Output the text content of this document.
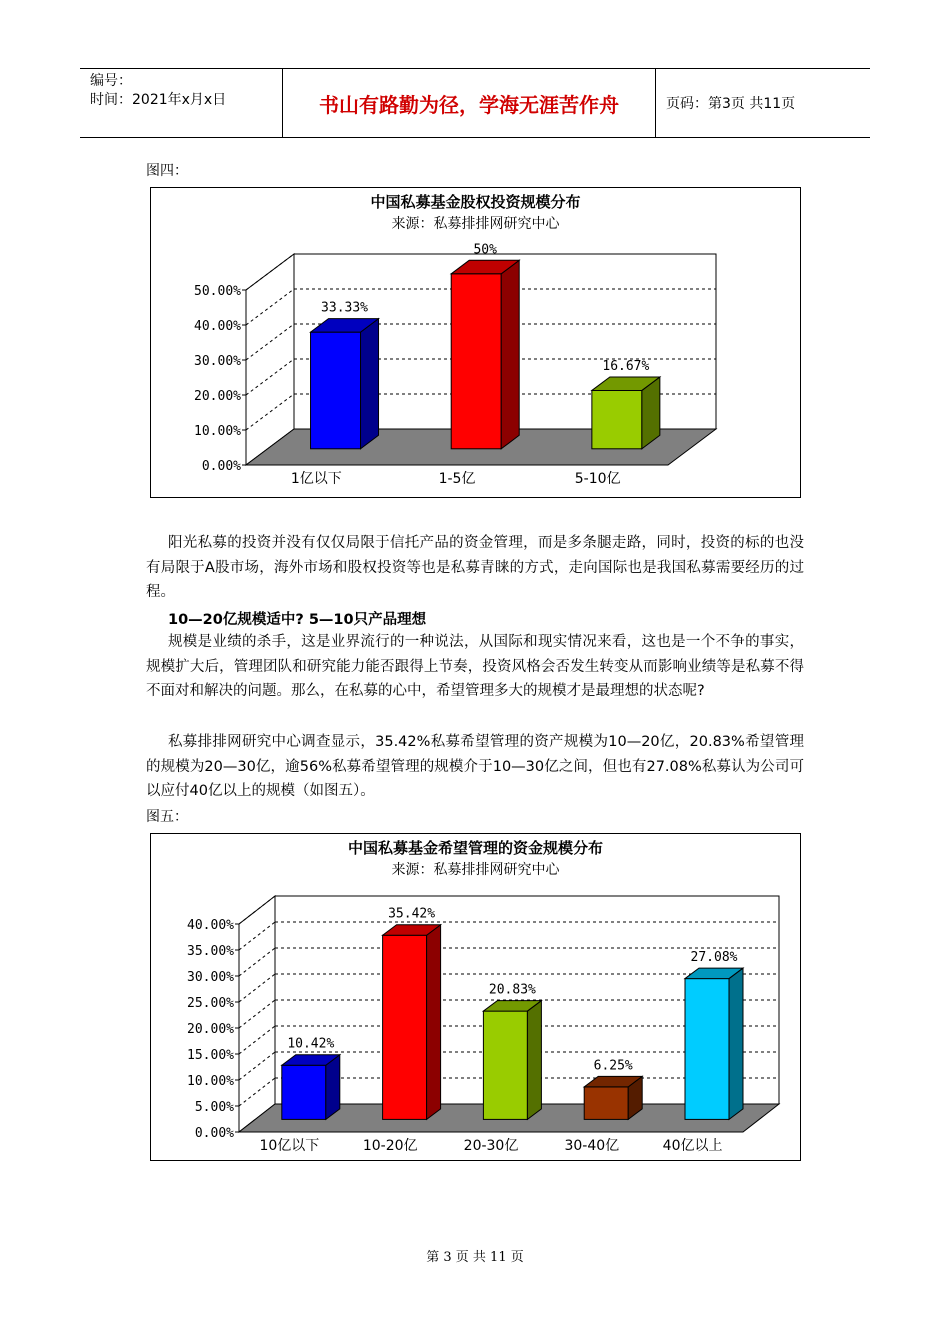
编号：
时间：2021年x月x日	书山有路勤为径，学海无涯苦作舟	页码：第3页 共11页
图四：
中国私募基金股权投资规模分布
来源：私募排排网研究中心
0.00%
10.00%
20.00%
30.00%
40.00%
50.00%
33.33%
1亿以下
50%
1-5亿
16.67%
5-10亿
阳光私募的投资并没有仅仅局限于信托产品的资金管理，而是多条腿走路，同时，投资的标的也没有局限于A股市场，海外市场和股权投资等也是私募青睐的方式，走向国际也是我国私募需要经历的过程。
10—20亿规模适中? 5—10只产品理想
规模是业绩的杀手，这是业界流行的一种说法，从国际和现实情况来看，这也是一个不争的事实，规模扩大后，管理团队和研究能力能否跟得上节奏，投资风格会否发生转变从而影响业绩等是私募不得不面对和解决的问题。那么，在私募的心中，希望管理多大的规模才是最理想的状态呢?
私募排排网研究中心调查显示，35.42%私募希望管理的资产规模为10—20亿，20.83%希望管理的规模为20—30亿，逾56%私募希望管理的规模介于10—30亿之间，但也有27.08%私募认为公司可以应付40亿以上的规模（如图五）。
图五：
中国私募基金希望管理的资金规模分布
来源：私募排排网研究中心
0.00%
5.00%
10.00%
15.00%
20.00%
25.00%
30.00%
35.00%
40.00%
10.42%
10亿以下
35.42%
10-20亿
20.83%
20-30亿
6.25%
30-40亿
27.08%
40亿以上
第 3 页 共 11 页
